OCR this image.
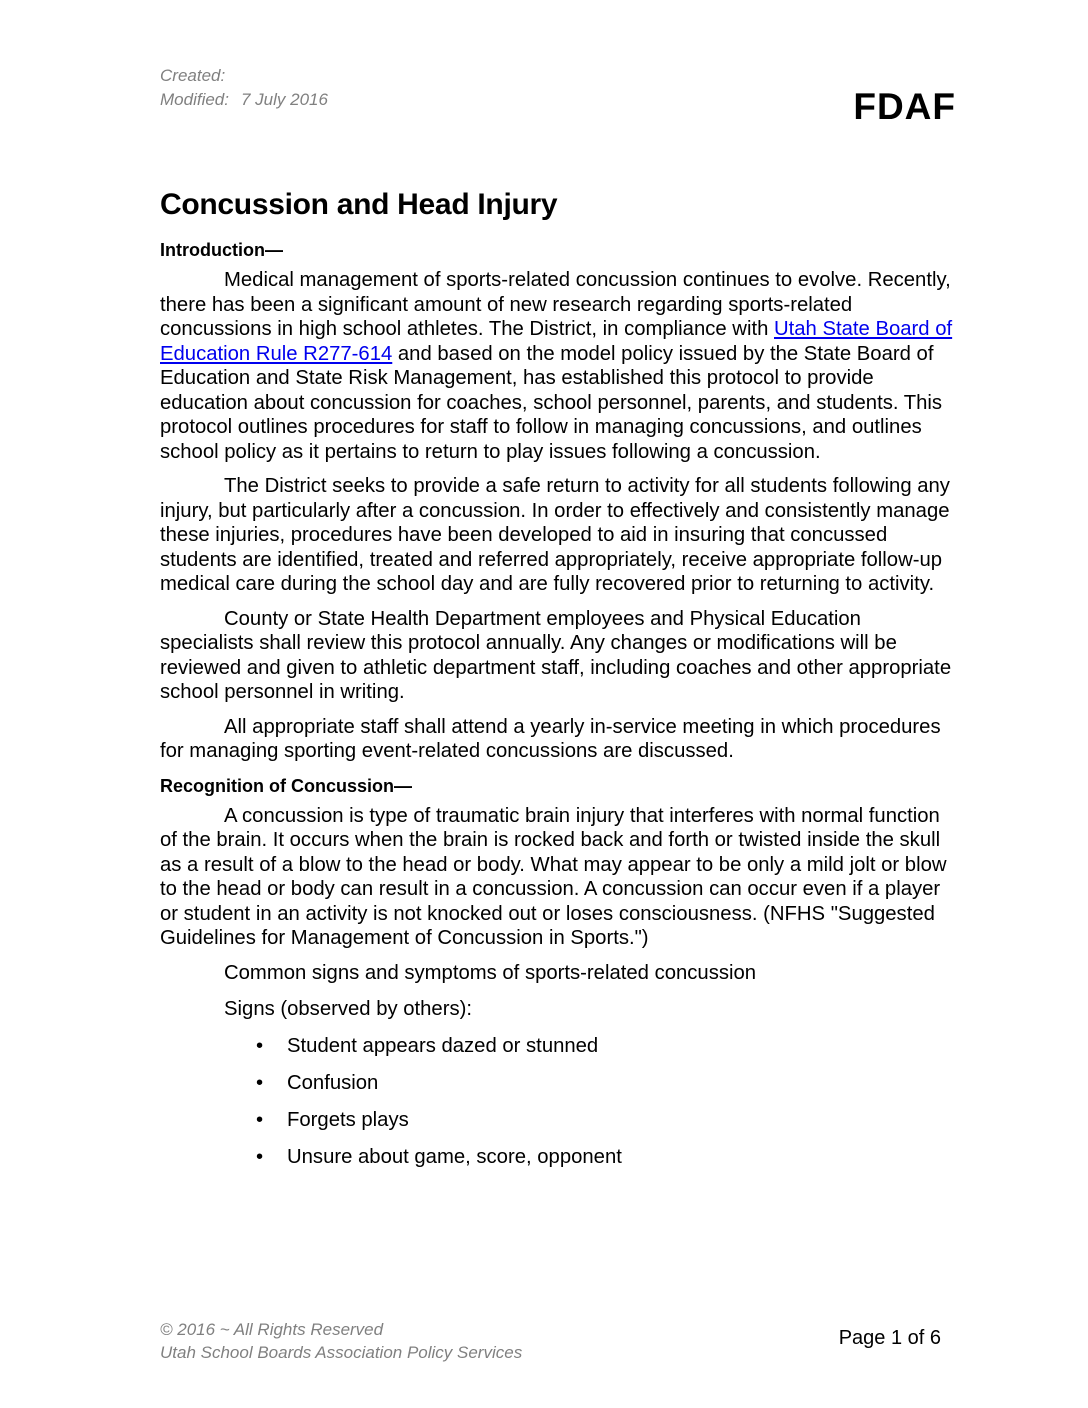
Created:
Modified: 7 July 2016	FDAF
Concussion and Head Injury
Introduction—

Medical management of sports-related concussion continues to evolve. Recently, there has been a significant amount of new research regarding sports-related concussions in high school athletes. The District, in compliance with Utah State Board of Education Rule R277-614 and based on the model policy issued by the State Board of Education and State Risk Management, has established this protocol to provide education about concussion for coaches, school personnel, parents, and students. This protocol outlines procedures for staff to follow in managing concussions, and outlines school policy as it pertains to return to play issues following a concussion.

The District seeks to provide a safe return to activity for all students following any injury, but particularly after a concussion. In order to effectively and consistently manage these injuries, procedures have been developed to aid in insuring that concussed students are identified, treated and referred appropriately, receive appropriate follow-up medical care during the school day and are fully recovered prior to returning to activity.

County or State Health Department employees and Physical Education specialists shall review this protocol annually. Any changes or modifications will be reviewed and given to athletic department staff, including coaches and other appropriate school personnel in writing.

All appropriate staff shall attend a yearly in-service meeting in which procedures for managing sporting event-related concussions are discussed.

Recognition of Concussion—

A concussion is type of traumatic brain injury that interferes with normal function of the brain. It occurs when the brain is rocked back and forth or twisted inside the skull as a result of a blow to the head or body. What may appear to be only a mild jolt or blow to the head or body can result in a concussion. A concussion can occur even if a player or student in an activity is not knocked out or loses consciousness. (NFHS "Suggested Guidelines for Management of Concussion in Sports.")

Common signs and symptoms of sports-related concussion

Signs (observed by others):

• Student appears dazed or stunned
• Confusion
• Forgets plays
• Unsure about game, score, opponent
© 2016 ~ All Rights Reserved
Utah School Boards Association Policy Services
Page 1 of 6
